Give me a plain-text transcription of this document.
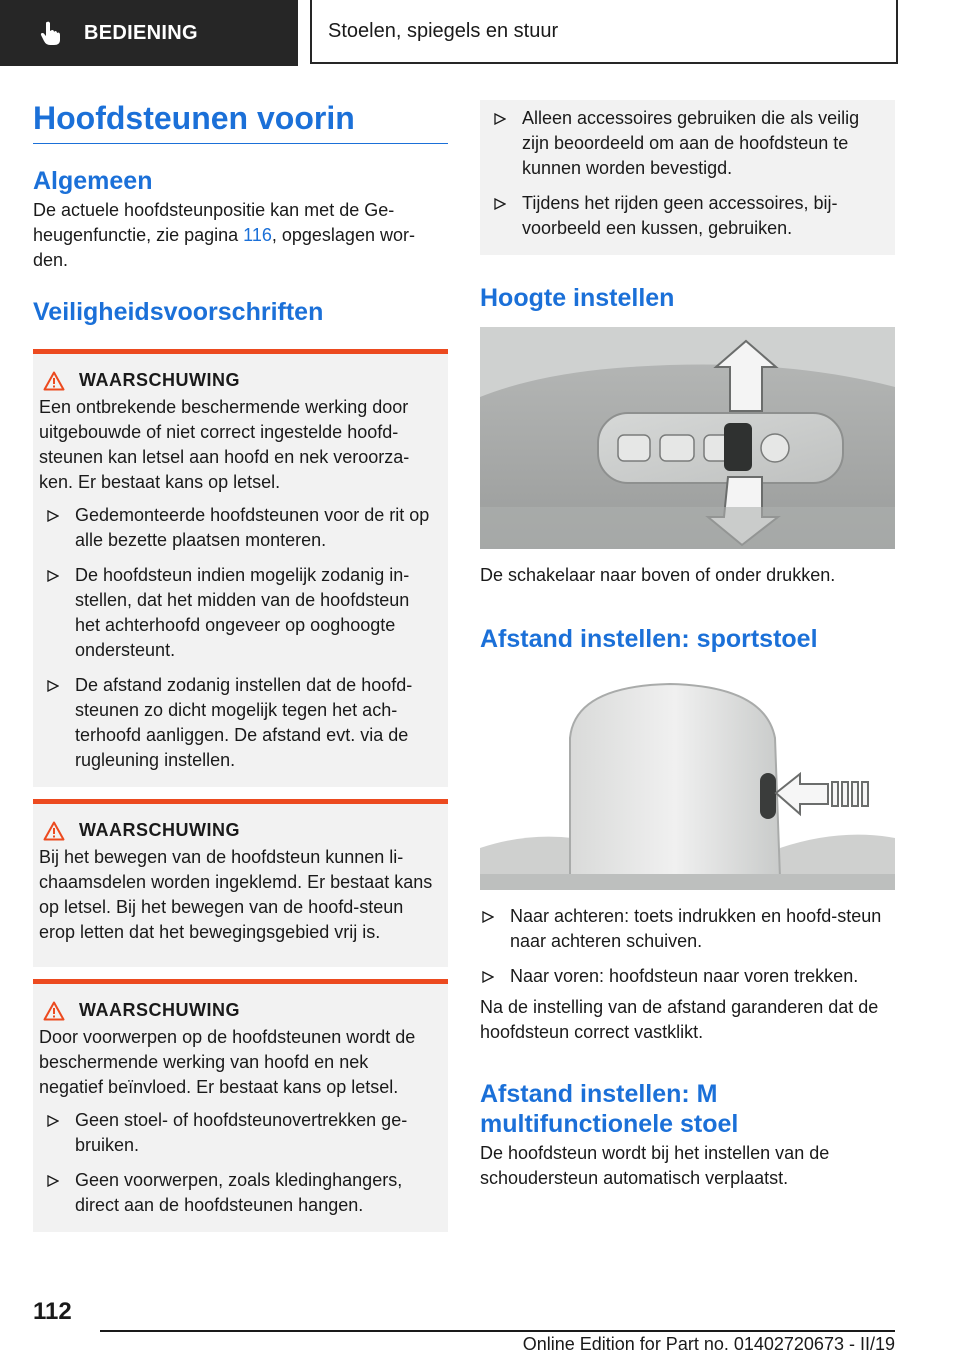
BEDIENING	Stoelen, spiegels en stuur
Hoofdsteunen voorin
Algemeen

De actuele hoofdsteunpositie kan met de Ge-heugenfunctie, zie pagina 116, opgeslagen wor-den.

Veiligheidsvoorschriften
WAARSCHUWING

Een ontbrekende beschermende werking door uitgebouwde of niet correct ingestelde hoofd-steunen kan letsel aan hoofd en nek veroorza-ken. Er bestaat kans op letsel.

Gedemonteerde hoofdsteunen voor de rit op alle bezette plaatsen monteren.
De hoofdsteun indien mogelijk zodanig in-stellen, dat het midden van de hoofdsteun het achterhoofd ongeveer op ooghoogte ondersteunt.
De afstand zodanig instellen dat de hoofd-steunen zo dicht mogelijk tegen het ach-terhoofd aanliggen. De afstand evt. via de rugleuning instellen.
WAARSCHUWING

Bij het bewegen van de hoofdsteun kunnen li-chaamsdelen worden ingeklemd. Er bestaat kans op letsel. Bij het bewegen van de hoofd-steun erop letten dat het bewegingsgebied vrij is.

WAARSCHUWING

Door voorwerpen op de hoofdsteunen wordt de beschermende werking van hoofd en nek negatief beïnvloed. Er bestaat kans op letsel.

Geen stoel- of hoofdsteunovertrekken ge-bruiken.
Geen voorwerpen, zoals kledinghangers, direct aan de hoofdsteunen hangen.
Alleen accessoires gebruiken die als veilig zijn beoordeeld om aan de hoofdsteun te kunnen worden bevestigd.
Tijdens het rijden geen accessoires, bij-voorbeeld een kussen, gebruiken.
Hoogte instellen

De schakelaar naar boven of onder drukken.

Afstand instellen: sportstoel
Naar achteren: toets indrukken en hoofd-steun naar achteren schuiven.
Naar voren: hoofdsteun naar voren trekken.

Na de instelling van de afstand garanderen dat de hoofdsteun correct vastklikt.

Afstand instellen: M multifunctionele stoel

De hoofdsteun wordt bij het instellen van de schoudersteun automatisch verplaatst.

112
Online Edition for Part no. 01402720673 - II/19
